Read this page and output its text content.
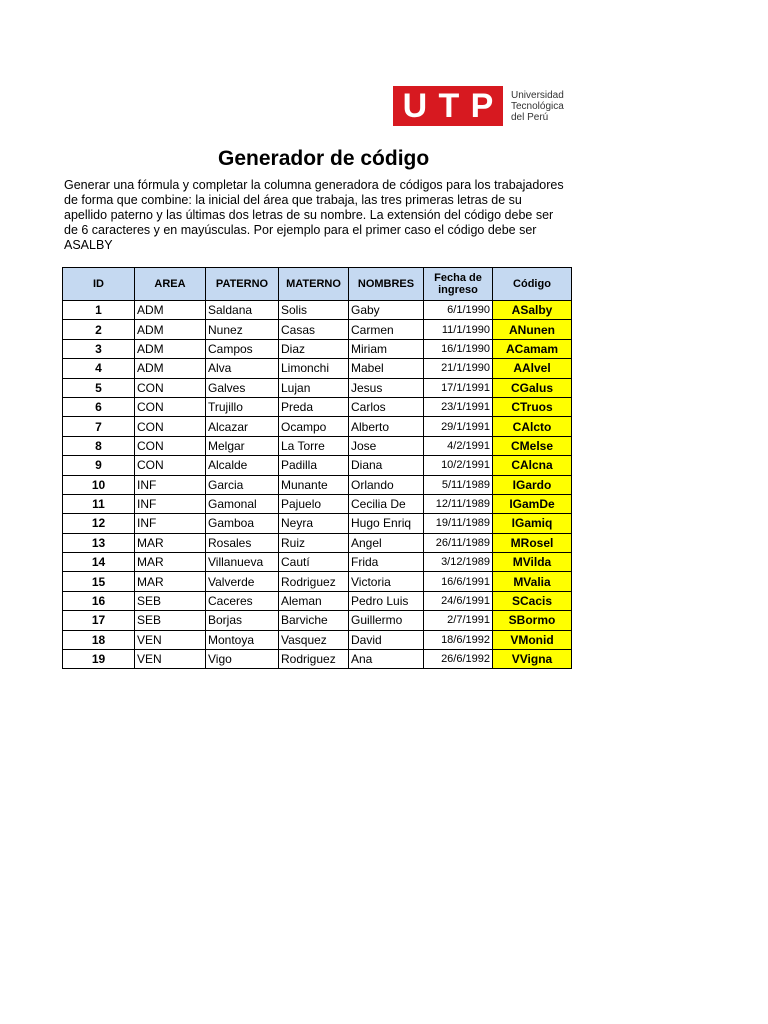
U T P Universidad
Tecnológica
del Perú
Generador de código
Generar una fórmula y completar la columna generadora de códigos para los trabajadores de forma que combine: la inicial del área que trabaja, las tres primeras letras de su apellido paterno y las últimas dos letras de su nombre. La extensión del código debe ser de 6 caracteres y en mayúsculas. Por ejemplo para el primer caso el código debe ser ASALBY
ID	AREA	PATERNO	MATERNO	NOMBRES	Fecha de ingreso	Código
1	ADM	Saldana	Solis	Gaby	6/1/1990	ASalby
2	ADM	Nunez	Casas	Carmen	11/1/1990	ANunen
3	ADM	Campos	Diaz	Miriam	16/1/1990	ACamam
4	ADM	Alva	Limonchi	Mabel	21/1/1990	AAlvel
5	CON	Galves	Lujan	Jesus	17/1/1991	CGalus
6	CON	Trujillo	Preda	Carlos	23/1/1991	CTruos
7	CON	Alcazar	Ocampo	Alberto	29/1/1991	CAlcto
8	CON	Melgar	La Torre	Jose	4/2/1991	CMelse
9	CON	Alcalde	Padilla	Diana	10/2/1991	CAlcna
10	INF	Garcia	Munante	Orlando	5/11/1989	IGardo
11	INF	Gamonal	Pajuelo	Cecilia De	12/11/1989	IGamDe
12	INF	Gamboa	Neyra	Hugo Enriq	19/11/1989	IGamiq
13	MAR	Rosales	Ruiz	Angel	26/11/1989	MRosel
14	MAR	Villanueva	Cautí	Frida	3/12/1989	MVilda
15	MAR	Valverde	Rodriguez	Victoria	16/6/1991	MValia
16	SEB	Caceres	Aleman	Pedro Luis	24/6/1991	SCacis
17	SEB	Borjas	Barviche	Guillermo	2/7/1991	SBormo
18	VEN	Montoya	Vasquez	David	18/6/1992	VMonid
19	VEN	Vigo	Rodriguez	Ana	26/6/1992	VVigna
